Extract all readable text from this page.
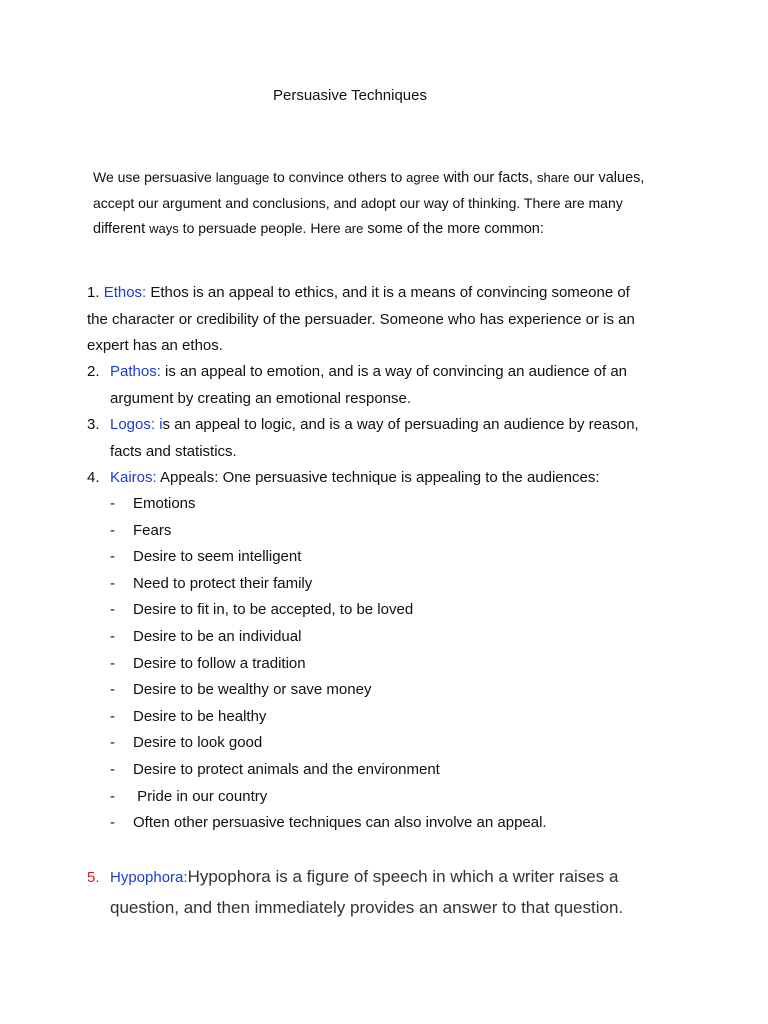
Persuasive Techniques
We use persuasive language to convince others to agree with our facts, share our values,
accept our argument and conclusions, and adopt our way of thinking. There are many
different ways to persuade people. Here are some of the more common:
1. Ethos: Ethos is an appeal to ethics, and it is a means of convincing someone of
the character or credibility of the persuader. Someone who has experience or is an
expert has an ethos.
2. Pathos: is an appeal to emotion, and is a way of convincing an audience of an
argument by creating an emotional response.
3. Logos: is an appeal to logic, and is a way of persuading an audience by reason,
facts and statistics.
4. Kairos: Appeals: One persuasive technique is appealing to the audiences:
- Emotions
- Fears
- Desire to seem intelligent
- Need to protect their family
- Desire to fit in, to be accepted, to be loved
- Desire to be an individual
- Desire to follow a tradition
- Desire to be wealthy or save money
- Desire to be healthy
- Desire to look good
- Desire to protect animals and the environment
- Pride in our country
- Often other persuasive techniques can also involve an appeal.
5. Hypophora:Hypophora is a figure of speech in which a writer raises a
question, and then immediately provides an answer to that question.
